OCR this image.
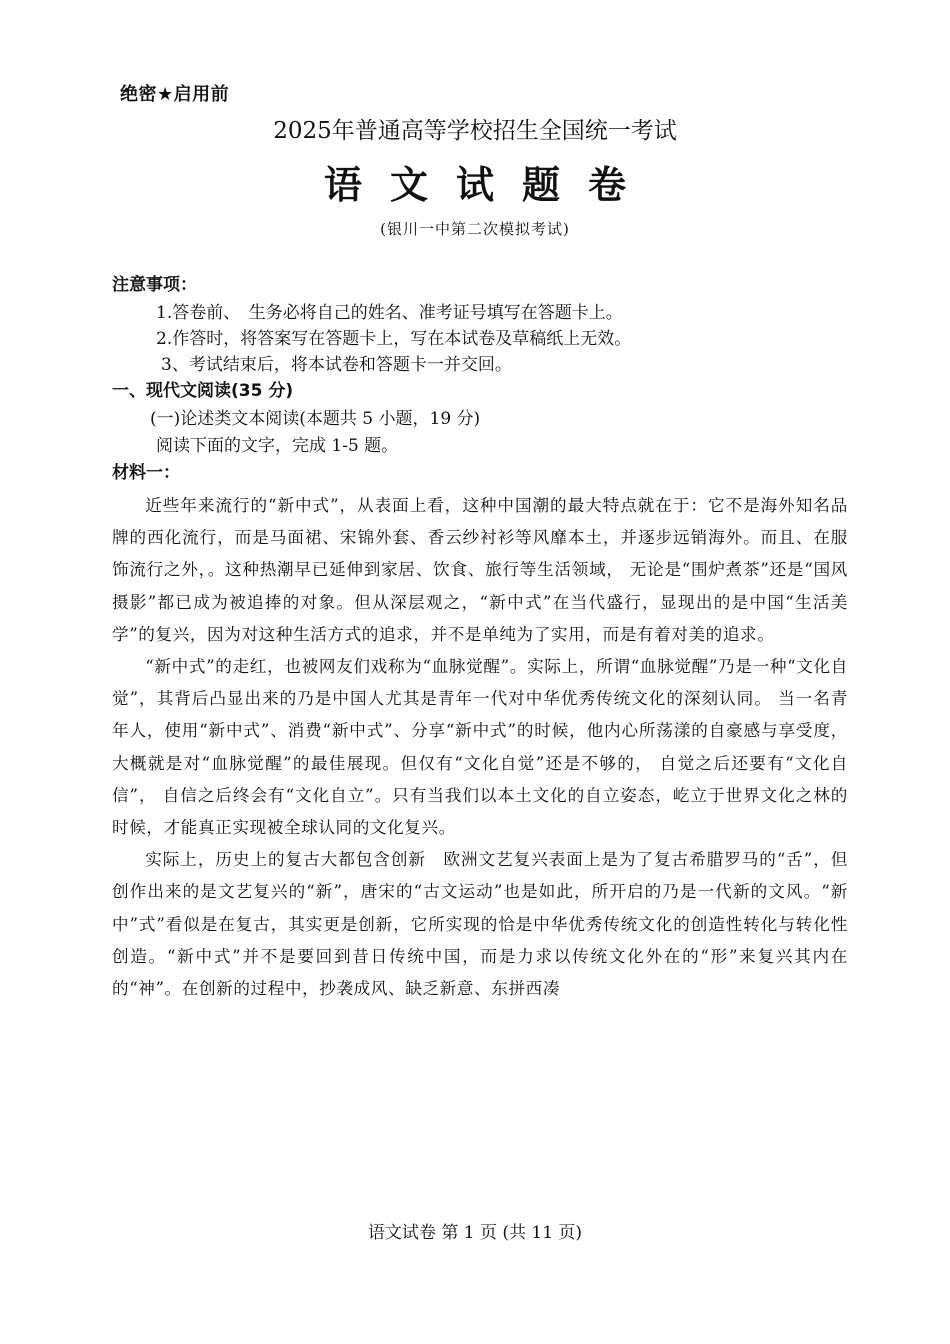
绝密★启用前
2025年普通高等学校招生全国统一考试
语文试题卷
(银川一中第二次模拟考试)
注意事项：
1.答卷前、　生务必将自己的姓名、准考证号填写在答题卡上。
2.作答时，将答案写在答题卡上，写在本试卷及草稿纸上无效。
3、考试结束后，将本试卷和答题卡一并交回。
一、现代文阅读(35 分)
(一)论述类文本阅读(本题共 5 小题，19 分)
阅读下面的文字，完成 1-5 题。
材料一：

近些年来流行的“新中式”，从表面上看，这种中国潮的最大特点就在于：它不是海外知名品牌的西化流行，而是马面裙、宋锦外套、香云纱衬衫等风靡本土，并逐步远销海外。而且、在服饰流行之外，。这种热潮早已延伸到家居、饮食、旅行等生活领域， 无论是“围炉煮茶”还是“国风摄影”都已成为被追捧的对象。但从深层观之，“新中式”在当代盛行，显现出的是中国“生活美学”的复兴，因为对这种生活方式的追求，并不是单纯为了实用，而是有着对美的追求。

“新中式”的走红，也被网友们戏称为“血脉觉醒”。实际上，所谓“血脉觉醒”乃是一种“文化自觉”，其背后凸显出来的乃是中国人尤其是青年一代对中华优秀传统文化的深刻认同。 当一名青年人，使用“新中式”、消费“新中式”、分享“新中式”的时候，他内心所荡漾的自豪感与享受度，大概就是对“血脉觉醒”的最佳展现。但仅有“文化自觉”还是不够的， 自觉之后还要有“文化自信”， 自信之后终会有“文化自立”。只有当我们以本土文化的自立姿态，屹立于世界文化之林的时候，才能真正实现被全球认同的文化复兴。

实际上，历史上的复古大都包含创新　欧洲文艺复兴表面上是为了复古希腊罗马的“舌”，但创作出来的是文艺复兴的“新”，唐宋的“古文运动”也是如此，所开启的乃是一代新的文风。“新中”式”看似是在复古，其实更是创新，它所实现的恰是中华优秀传统文化的创造性转化与转化性创造。“新中式”并不是要回到昔日传统中国，而是力求以传统文化外在的“形”来复兴其内在的“神”。在创新的过程中，抄袭成风、缺乏新意、东拼西凑

语文试卷 第 1 页 (共 11 页)
